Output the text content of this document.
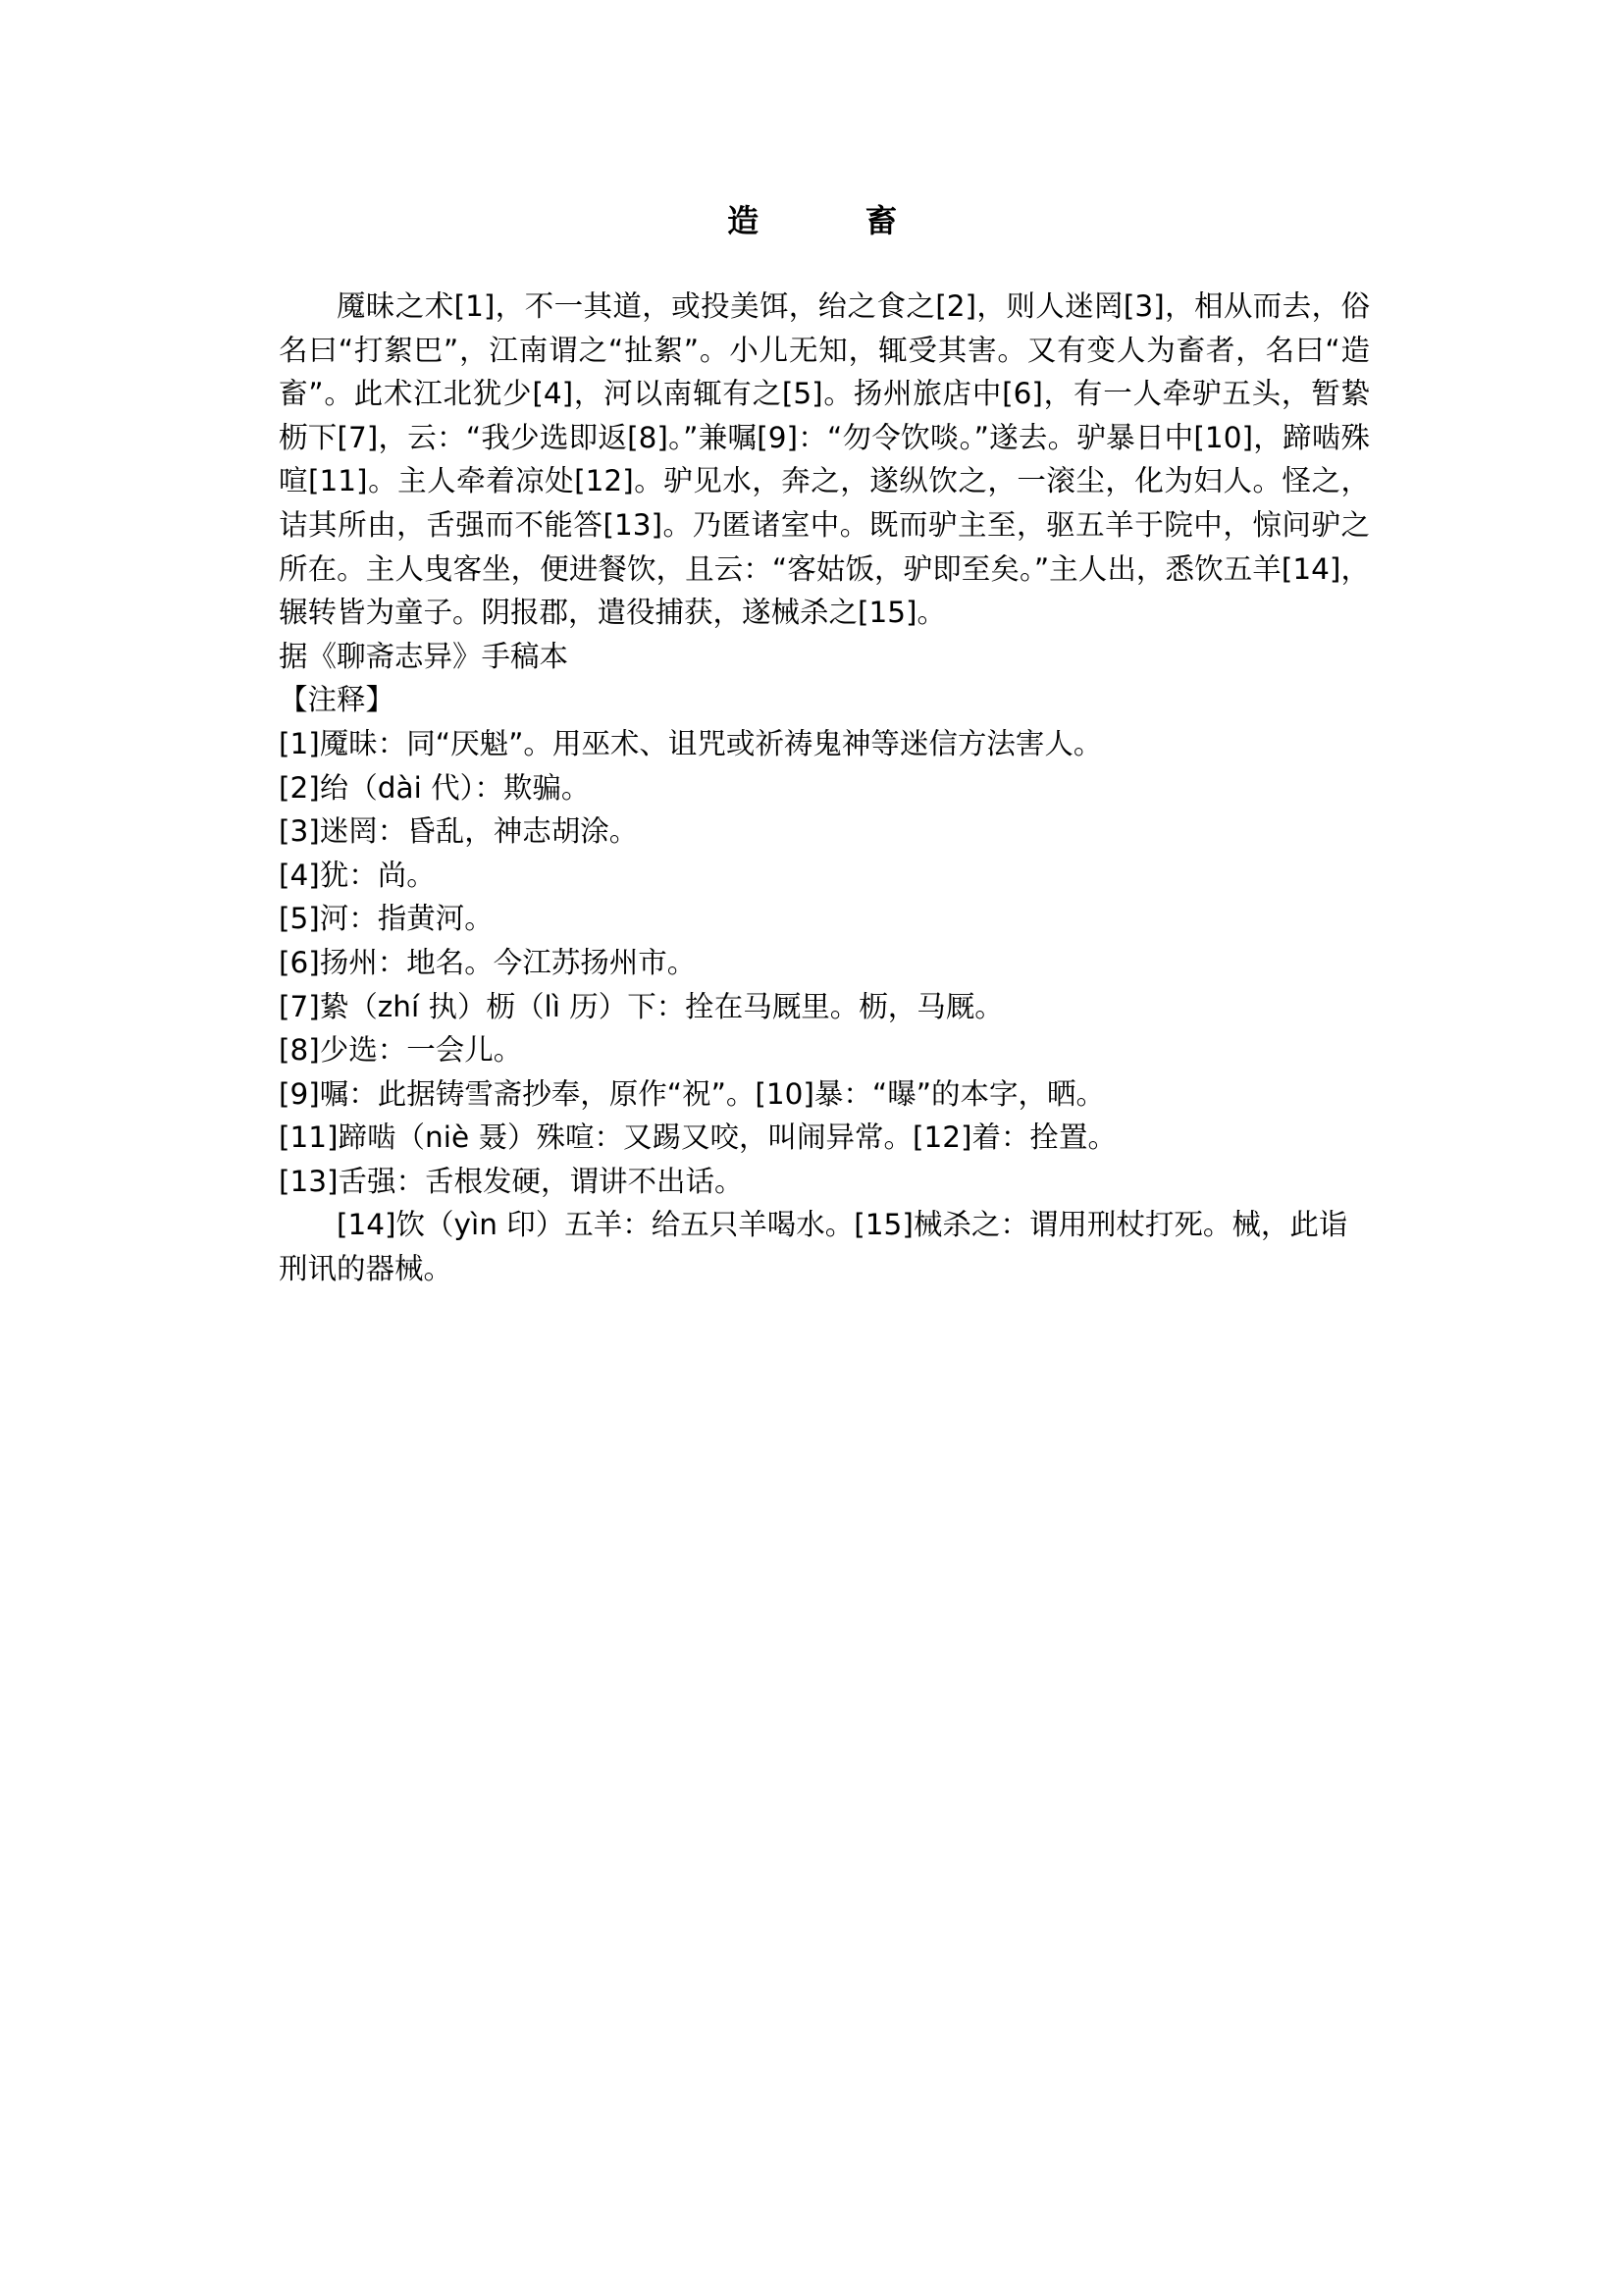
造　畜

魇昧之术[1]，不一其道，或投美饵，绐之食之[2]，则人迷罔[3]，相从而去，俗名曰“打絮巴”，江南谓之“扯絮”。小儿无知，辄受其害。又有变人为畜者，名曰“造畜”。此术江北犹少[4]，河以南辄有之[5]。扬州旅店中[6]，有一人牵驴五头，暂絷枥下[7]，云：“我少选即返[8]。”兼嘱[9]：“勿令饮啖。”遂去。驴暴日中[10]，蹄啮殊喧[11]。主人牵着凉处[12]。驴见水，奔之，遂纵饮之，一滚尘，化为妇人。怪之，诘其所由，舌强而不能答[13]。乃匿诸室中。既而驴主至，驱五羊于院中，惊问驴之所在。主人曳客坐，便进餐饮，且云：“客姑饭，驴即至矣。”主人出，悉饮五羊[14]，辗转皆为童子。阴报郡，遣役捕获，遂械杀之[15]。

据《聊斋志异》手稿本

【注释】

[1]魇昧：同“厌魁”。用巫术、诅咒或祈祷鬼神等迷信方法害人。

[2]绐（dài 代）：欺骗。

[3]迷罔：昏乱，神志胡涂。

[4]犹：尚。

[5]河：指黄河。

[6]扬州：地名。今江苏扬州市。

[7]絷（zhí 执）枥（lì 历）下：拴在马厩里。枥，马厩。

[8]少选：一会儿。

[9]嘱：此据铸雪斋抄奉，原作“祝”。[10]暴：“曝”的本字，晒。

[11]蹄啮（niè 聂）殊喧：又踢又咬，叫闹异常。[12]着：拴置。

[13]舌强：舌根发硬，谓讲不出话。

[14]饮（yìn 印）五羊：给五只羊喝水。[15]械杀之：谓用刑杖打死。械，此诣刑讯的器械。
